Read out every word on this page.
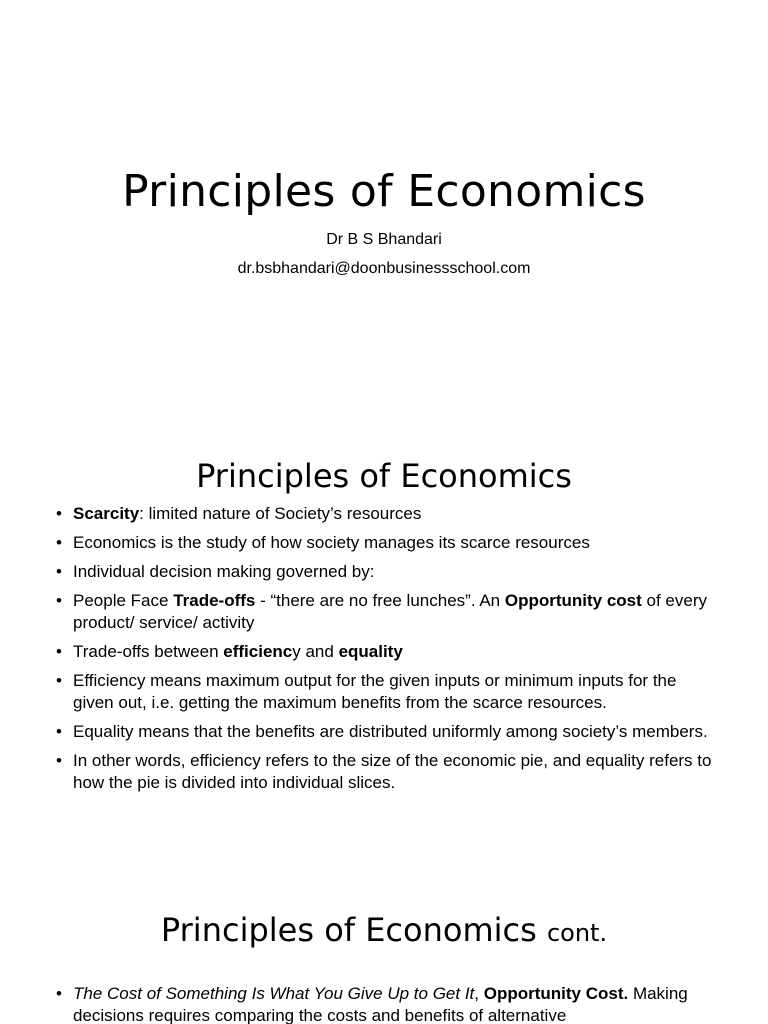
Principles of Economics
Dr B S Bhandari
dr.bsbhandari@doonbusinessschool.com
Principles of Economics
• Scarcity: limited nature of Society’s resources
• Economics is the study of how society manages its scarce resources
• Individual decision making governed by:
• People Face Trade-offs - “there are no free lunches”. An Opportunity cost of every product/ service/ activity
• Trade-offs between efficiency and equality
• Efficiency means maximum output for the given inputs or minimum inputs for the given out, i.e. getting the maximum benefits from the scarce resources.
• Equality means that the benefits are distributed uniformly among society’s members.
• In other words, efficiency refers to the size of the economic pie, and equality refers to how the pie is divided into individual slices.
Principles of Economics cont.
• The Cost of Something Is What You Give Up to Get It, Opportunity Cost. Making decisions requires comparing the costs and benefits of alternative
